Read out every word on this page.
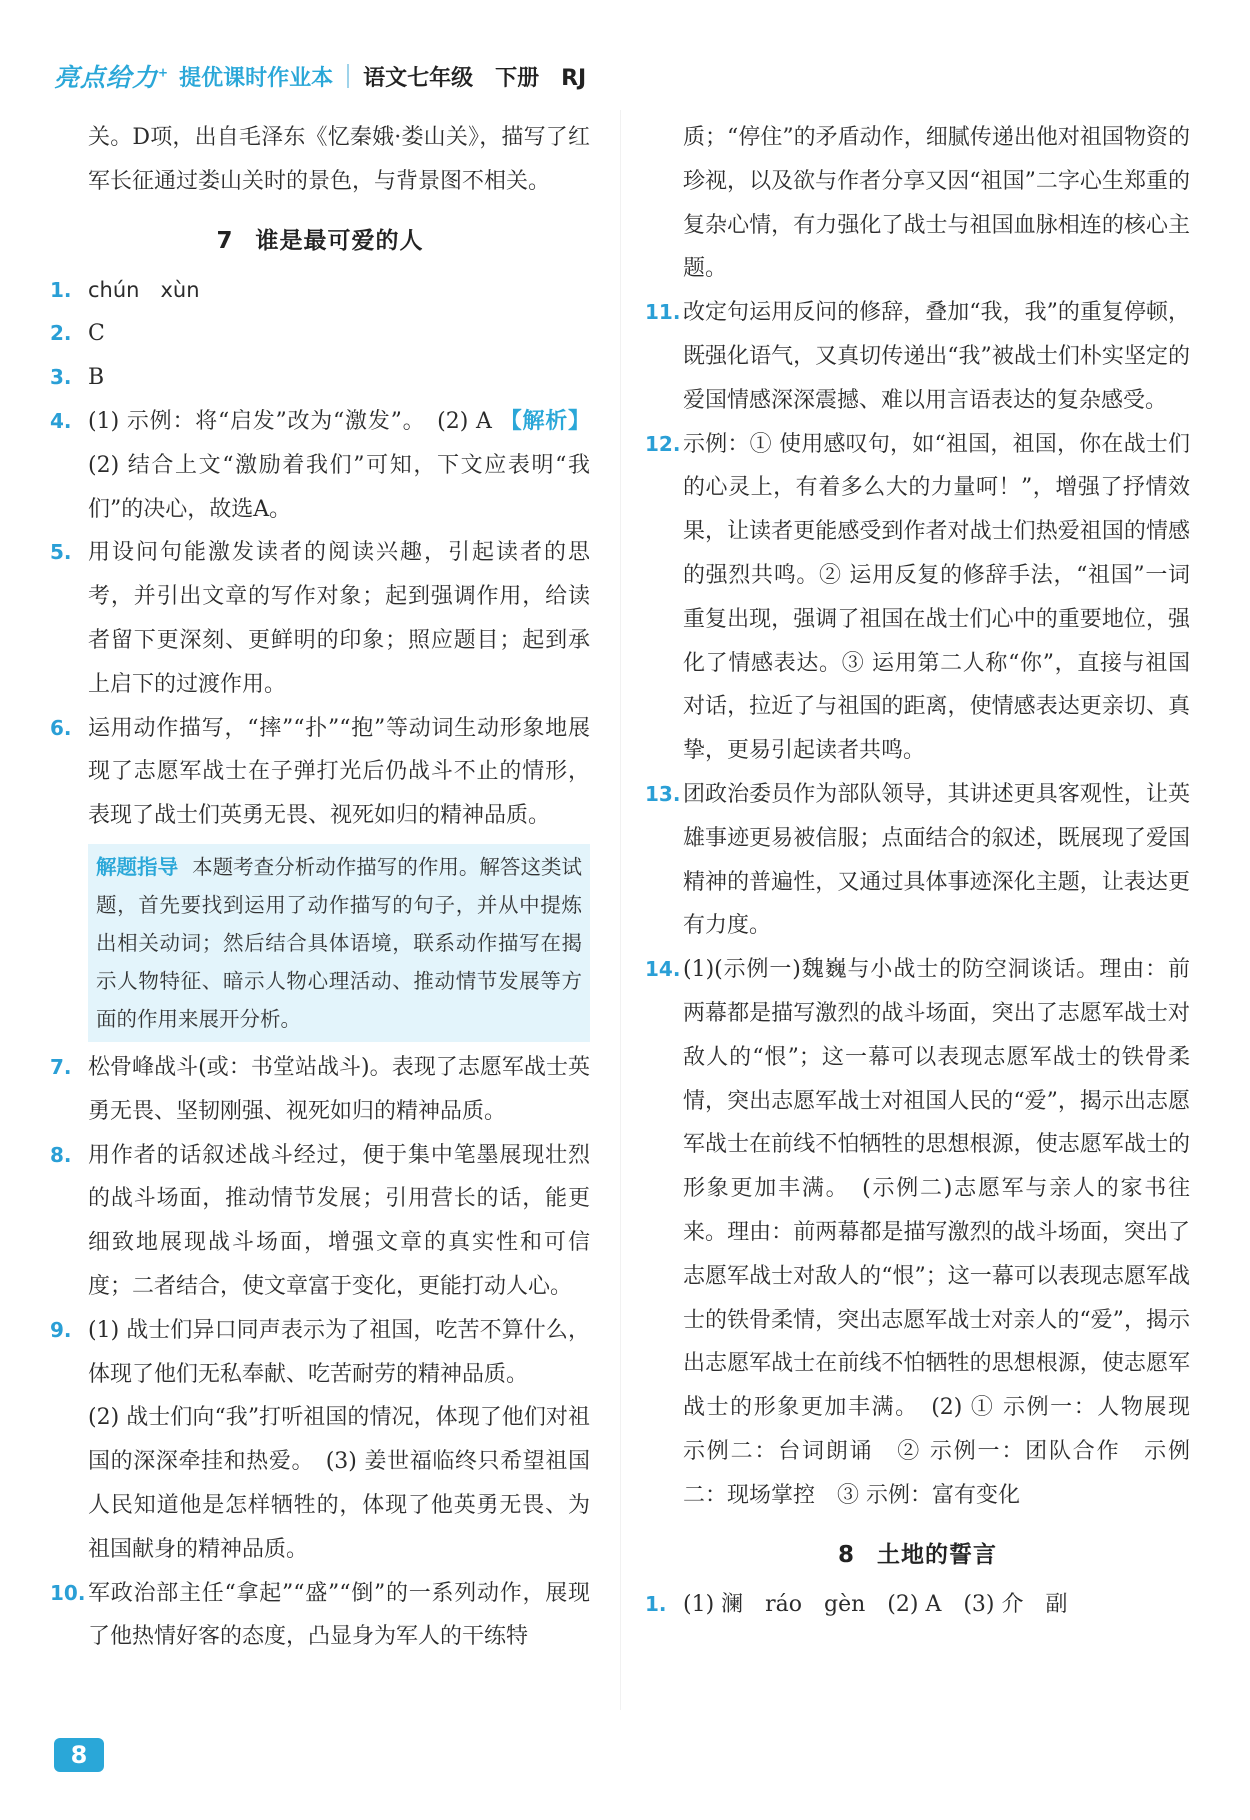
亮点给力+ 提优课时作业本 语文七年级　下册　RJ

关。D项，出自毛泽东《忆秦娥·娄山关》，描写了红军长征通过娄山关时的景色，与背景图不相关。

7 谁是最可爱的人

1. chún　xùn

2. C

3. B

4. (1) 示例：将“启发”改为“激发”。　(2) A 【解析】(2) 结合上文“激励着我们”可知，下文应表明“我们”的决心，故选A。

5. 用设问句能激发读者的阅读兴趣，引起读者的思考，并引出文章的写作对象；起到强调作用，给读者留下更深刻、更鲜明的印象；照应题目；起到承上启下的过渡作用。

6. 运用动作描写，“摔”“扑”“抱”等动词生动形象地展现了志愿军战士在子弹打光后仍战斗不止的情形，表现了战士们英勇无畏、视死如归的精神品质。

解题指导 本题考查分析动作描写的作用。解答这类试题，首先要找到运用了动作描写的句子，并从中提炼出相关动词；然后结合具体语境，联系动作描写在揭示人物特征、暗示人物心理活动、推动情节发展等方面的作用来展开分析。

7. 松骨峰战斗(或：书堂站战斗)。表现了志愿军战士英勇无畏、坚韧刚强、视死如归的精神品质。

8. 用作者的话叙述战斗经过，便于集中笔墨展现壮烈的战斗场面，推动情节发展；引用营长的话，能更细致地展现战斗场面，增强文章的真实性和可信度；二者结合，使文章富于变化，更能打动人心。

9. (1) 战士们异口同声表示为了祖国，吃苦不算什么，体现了他们无私奉献、吃苦耐劳的精神品质。

(2) 战士们向“我”打听祖国的情况，体现了他们对祖国的深深牵挂和热爱。　(3) 姜世福临终只希望祖国人民知道他是怎样牺牲的，体现了他英勇无畏、为祖国献身的精神品质。

10. 军政治部主任“拿起”“盛”“倒”的一系列动作，展现了他热情好客的态度，凸显身为军人的干练特

质；“停住”的矛盾动作，细腻传递出他对祖国物资的珍视，以及欲与作者分享又因“祖国”二字心生郑重的复杂心情，有力强化了战士与祖国血脉相连的核心主题。

11. 改定句运用反问的修辞，叠加“我，我”的重复停顿，既强化语气，又真切传递出“我”被战士们朴实坚定的爱国情感深深震撼、难以用言语表达的复杂感受。

12. 示例：① 使用感叹句，如“祖国，祖国，你在战士们的心灵上，有着多么大的力量呵！”，增强了抒情效果，让读者更能感受到作者对战士们热爱祖国的情感的强烈共鸣。② 运用反复的修辞手法，“祖国”一词重复出现，强调了祖国在战士们心中的重要地位，强化了情感表达。③ 运用第二人称“你”，直接与祖国对话，拉近了与祖国的距离，使情感表达更亲切、真挚，更易引起读者共鸣。

13. 团政治委员作为部队领导，其讲述更具客观性，让英雄事迹更易被信服；点面结合的叙述，既展现了爱国精神的普遍性，又通过具体事迹深化主题，让表达更有力度。

14. (1)(示例一)魏巍与小战士的防空洞谈话。理由：前两幕都是描写激烈的战斗场面，突出了志愿军战士对敌人的“恨”；这一幕可以表现志愿军战士的铁骨柔情，突出志愿军战士对祖国人民的“爱”，揭示出志愿军战士在前线不怕牺牲的思想根源，使志愿军战士的形象更加丰满。　(示例二)志愿军与亲人的家书往来。理由：前两幕都是描写激烈的战斗场面，突出了志愿军战士对敌人的“恨”；这一幕可以表现志愿军战士的铁骨柔情，突出志愿军战士对亲人的“爱”，揭示出志愿军战士在前线不怕牺牲的思想根源，使志愿军战士的形象更加丰满。　(2) ① 示例一：人物展现　示例二：台词朗诵　② 示例一：团队合作　示例二：现场掌控　③ 示例：富有变化

8 土地的誓言

1. (1) 澜　ráo　gèn　(2) A　(3) 介　副

8
